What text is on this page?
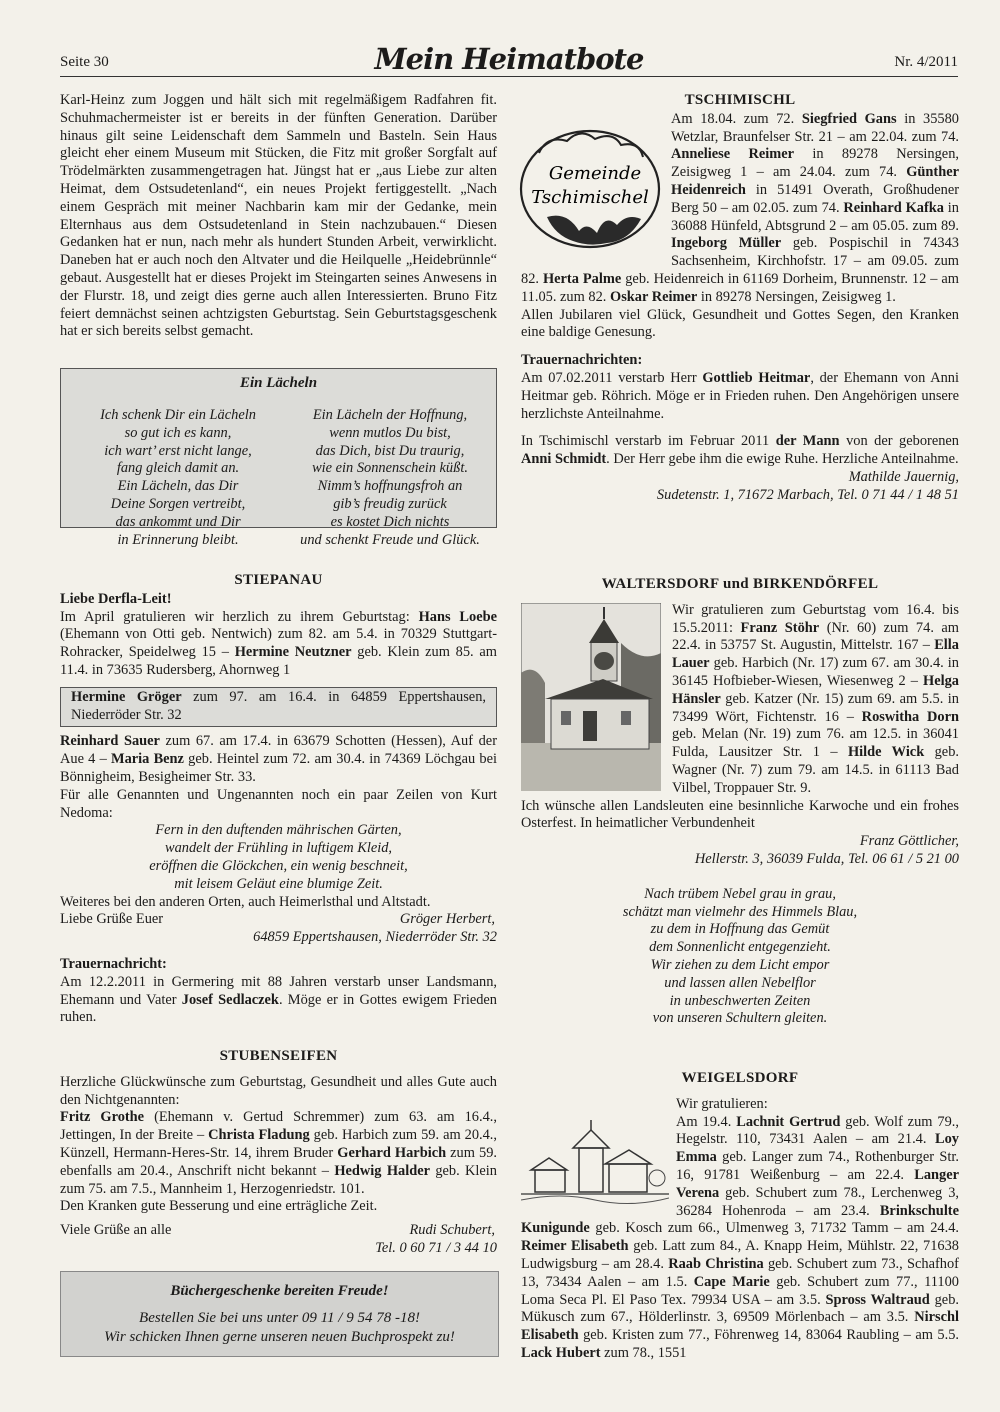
Seite 30	Mein Heimatbote	Nr. 4/2011

Karl-Heinz zum Joggen und hält sich mit regelmäßigem Radfahren fit. Schuhmachermeister ist er bereits in der fünften Generation. Darüber hinaus gilt seine Leidenschaft dem Sammeln und Basteln. Sein Haus gleicht eher einem Museum mit Stücken, die Fitz mit großer Sorgfalt auf Trödelmärkten zusammengetragen hat. Jüngst hat er „aus Liebe zur alten Heimat, dem Ostsudetenland“, ein neues Projekt fertiggestellt. „Nach einem Gespräch mit meiner Nachbarin kam mir der Gedanke, mein Elternhaus aus dem Ostsudetenland in Stein nachzubauen.“ Diesen Gedanken hat er nun, nach mehr als hundert Stunden Arbeit, verwirklicht. Daneben hat er auch noch den Altvater und die Heilquelle „Heidebrünnle“ gebaut. Ausgestellt hat er dieses Projekt im Steingarten seines Anwesens in der Flurstr. 18, und zeigt dies gerne auch allen Interessierten. Bruno Fitz feiert demnächst seinen achtzigsten Geburtstag. Sein Geburtstagsgeschenk hat er sich bereits selbst gemacht.

Ein Lächeln
Ich schenk Dir ein Lächeln
so gut ich es kann,
ich wart’ erst nicht lange,
fang gleich damit an.
Ein Lächeln, das Dir
Deine Sorgen vertreibt,
das ankommt und Dir
in Erinnerung bleibt.
Ein Lächeln der Hoffnung,
wenn mutlos Du bist,
das Dich, bist Du traurig,
wie ein Sonnenschein küßt.
Nimm’s hoffnungsfroh an
gib’s freudig zurück
es kostet Dich nichts
und schenkt Freude und Glück.
STIEPANAU
Liebe Derfla-Leit!

Im April gratulieren wir herzlich zu ihrem Geburtstag: Hans Loebe (Ehemann von Otti geb. Nentwich) zum 82. am 5.4. in 70329 Stuttgart-Rohracker, Speidelweg 15 – Hermine Neutzner geb. Klein zum 85. am 11.4. in 73635 Rudersberg, Ahornweg 1

Hermine Gröger zum 97. am 16.4. in 64859 Eppertshausen, Niederröder Str. 32

Reinhard Sauer zum 67. am 17.4. in 63679 Schotten (Hessen), Auf der Aue 4 – Maria Benz geb. Heintel zum 72. am 30.4. in 74369 Löchgau bei Bönnigheim, Besigheimer Str. 33.

Für alle Genannten und Ungenannten noch ein paar Zeilen von Kurt Nedoma:

Fern in den duftenden mährischen Gärten,
wandelt der Frühling in luftigem Kleid,
eröffnen die Glöckchen, ein wenig beschneit,
mit leisem Geläut eine blumige Zeit.

Weiteres bei den anderen Orten, auch Heimerlsthal und Altstadt.

Liebe Grüße Euer	Gröger Herbert,
64859 Eppertshausen, Niederröder Str. 32
Trauernachricht:

Am 12.2.2011 in Germering mit 88 Jahren verstarb unser Landsmann, Ehemann und Vater Josef Sedlaczek. Möge er in Gottes ewigem Frieden ruhen.

STUBENSEIFEN

Herzliche Glückwünsche zum Geburtstag, Gesundheit und alles Gute auch den Nichtgenannten:

Fritz Grothe (Ehemann v. Gertud Schremmer) zum 63. am 16.4., Jettingen, In der Breite – Christa Fladung geb. Harbich zum 59. am 20.4., Künzell, Hermann-Heres-Str. 14, ihrem Bruder Gerhard Harbich zum 59. ebenfalls am 20.4., Anschrift nicht bekannt – Hedwig Halder geb. Klein zum 75. am 7.5., Mannheim 1, Herzogenriedstr. 101.

Den Kranken gute Besserung und eine erträgliche Zeit.

Viele Grüße an alle	Rudi Schubert,
Tel. 0 60 71 / 3 44 10
Büchergeschenke bereiten Freude!
Bestellen Sie bei uns unter 09 11 / 9 54 78 -18!
Wir schicken Ihnen gerne unseren neuen Buchprospekt zu!
TSCHIMISCHL
Gemeinde
Tschimischel

Am 18.04. zum 72. Siegfried Gans in 35580 Wetzlar, Braunfelser Str. 21 – am 22.04. zum 74. Anneliese Reimer in 89278 Nersingen, Zeisigweg 1 – am 24.04. zum 74. Günther Heidenreich in 51491 Overath, Großhudener Berg 50 – am 02.05. zum 74. Reinhard Kafka in 36088 Hünfeld, Abtsgrund 2 – am 05.05. zum 89. Ingeborg Müller geb. Pospischil in 74343 Sachsenheim, Kirchhofstr. 17 – am 09.05. zum 82. Herta Palme geb. Heidenreich in 61169 Dorheim, Brunnenstr. 12 – am 11.05. zum 82. Oskar Reimer in 89278 Nersingen, Zeisigweg 1.

Allen Jubilaren viel Glück, Gesundheit und Gottes Segen, den Kranken eine baldige Genesung.

Trauernachrichten:

Am 07.02.2011 verstarb Herr Gottlieb Heitmar, der Ehemann von Anni Heitmar geb. Röhrich. Möge er in Frieden ruhen. Den Angehörigen unsere herzlichste Anteilnahme.

In Tschimischl verstarb im Februar 2011 der Mann von der geborenen Anni Schmidt. Der Herr gebe ihm die ewige Ruhe. Herzliche Anteilnahme.

Mathilde Jauernig,
Sudetenstr. 1, 71672 Marbach, Tel. 0 71 44 / 1 48 51
WALTERSDORF und BIRKENDÖRFEL

Wir gratulieren zum Geburtstag vom 16.4. bis 15.5.2011: Franz Stöhr (Nr. 60) zum 74. am 22.4. in 53757 St. Augustin, Mittelstr. 167 – Ella Lauer geb. Harbich (Nr. 17) zum 67. am 30.4. in 36145 Hofbieber-Wiesen, Wiesenweg 2 – Helga Hänsler geb. Katzer (Nr. 15) zum 69. am 5.5. in 73499 Wört, Fichtenstr. 16 – Roswitha Dorn geb. Melan (Nr. 19) zum 76. am 12.5. in 36041 Fulda, Lausitzer Str. 1 – Hilde Wick geb. Wagner (Nr. 7) zum 79. am 14.5. in 61113 Bad Vilbel, Troppauer Str. 9.

Ich wünsche allen Landsleuten eine besinnliche Karwoche und ein frohes Osterfest. In heimatlicher Verbundenheit

Franz Göttlicher,
Hellerstr. 3, 36039 Fulda, Tel. 06 61 / 5 21 00
Nach trübem Nebel grau in grau,
schätzt man vielmehr des Himmels Blau,
zu dem in Hoffnung das Gemüt
dem Sonnenlicht entgegenzieht.
Wir ziehen zu dem Licht empor
und lassen allen Nebelflor
in unbeschwerten Zeiten
von unseren Schultern gleiten.
WEIGELSDORF
Wir gratulieren:

Am 19.4. Lachnit Gertrud geb. Wolf zum 79., Hegelstr. 110, 73431 Aalen – am 21.4. Loy Emma geb. Langer zum 74., Rothenburger Str. 16, 91781 Weißenburg – am 22.4. Langer Verena geb. Schubert zum 78., Lerchenweg 3, 36284 Hohenroda – am 23.4. Brinkschulte Kunigunde geb. Kosch zum 66., Ulmenweg 3, 71732 Tamm – am 24.4. Reimer Elisabeth geb. Latt zum 84., A. Knapp Heim, Mühlstr. 22, 71638 Ludwigsburg – am 28.4. Raab Christina geb. Schubert zum 73., Schafhof 13, 73434 Aalen – am 1.5. Cape Marie geb. Schubert zum 77., 11100 Loma Seca Pl. El Paso Tex. 79934 USA – am 3.5. Spross Waltraud geb. Mükusch zum 67., Hölderlinstr. 3, 69509 Mörlenbach – am 3.5. Nirschl Elisabeth geb. Kristen zum 77., Föhrenweg 14, 83064 Raubling – am 5.5. Lack Hubert zum 78., 1551
